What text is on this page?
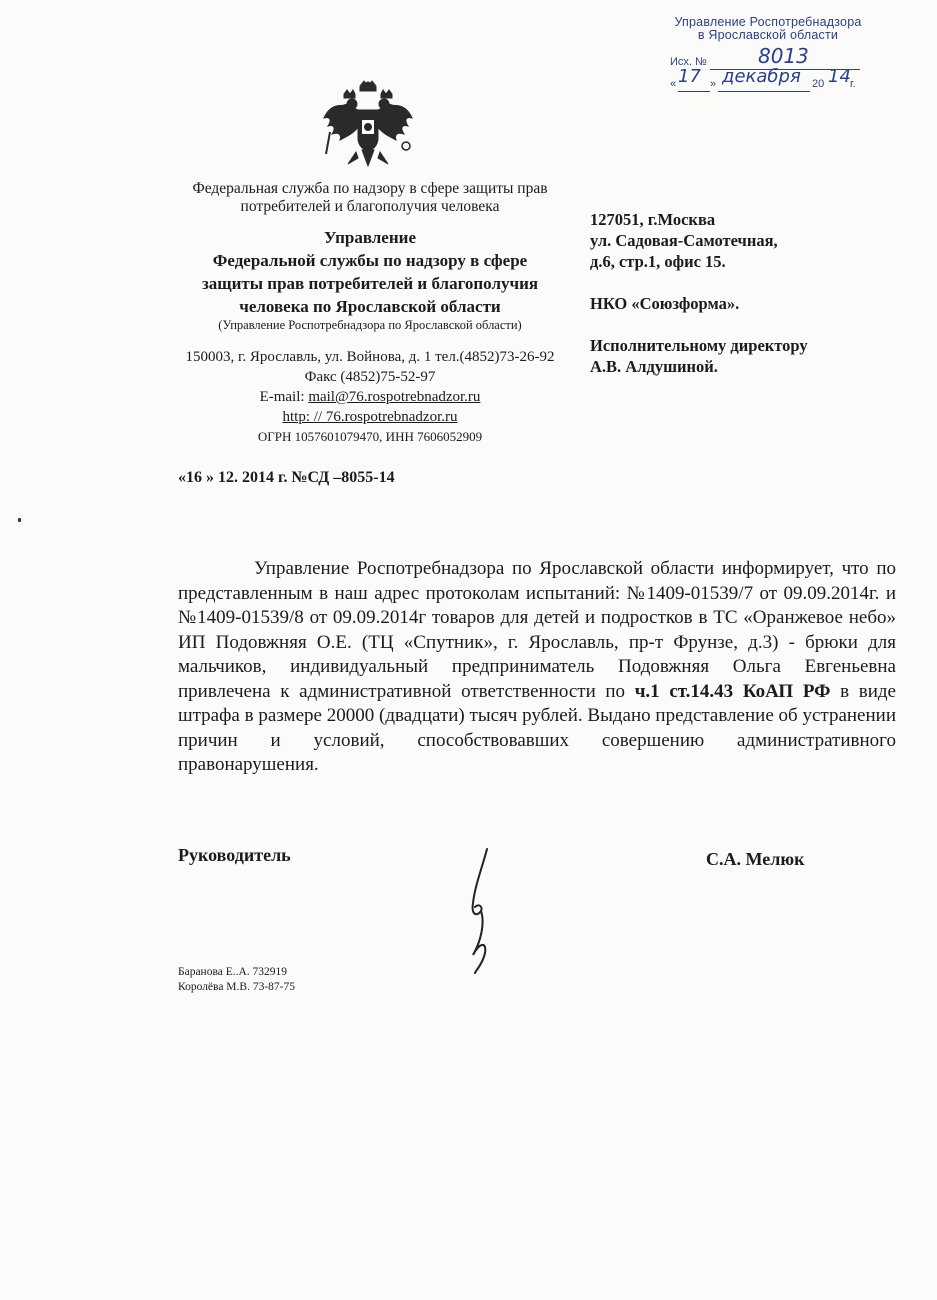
Управление Роспотребнадзора
в Ярославской области
Исх. №	8013
« 17 » декабря 20 14 г.
Федеральная служба по надзору в сфере защиты прав
потребителей и благополучия человека
Управление
Федеральной службы по надзору в сфере
защиты прав потребителей и благополучия
человека по Ярославской области
(Управление Роспотребнадзора по Ярославской области)
150003, г. Ярославль, ул. Войнова, д. 1 тел.(4852)73-26-92
Факс (4852)75-52-97
E-mail: mail@76.rospotrebnadzor.ru
http: // 76.rospotrebnadzor.ru
ОГРН 1057601079470, ИНН 7606052909

127051, г.Москва
ул. Садовая-Самотечная,
д.6, стр.1, офис 15.

НКО «Союзформа».

Исполнительному директору
А.В. Алдушиной.

«16 » 12. 2014 г. №СД –8055-14
Управление Роспотребнадзора по Ярославской области информирует, что по представленным в наш адрес протоколам испытаний: №1409-01539/7 от 09.09.2014г. и №1409-01539/8 от 09.09.2014г товаров для детей и подростков в ТС «Оранжевое небо» ИП Подовжняя О.Е. (ТЦ «Спутник», г. Ярославль, пр-т Фрунзе, д.3) - брюки для мальчиков, индивидуальный предприниматель Подовжняя Ольга Евгеньевна привлечена к административной ответственности по ч.1 ст.14.43 КоАП РФ в виде штрафа в размере 20000 (двадцати) тысяч рублей. Выдано представление об устранении причин и условий, способствовавших совершению административного правонарушения.
Руководитель	С.А. Мелюк
Баранова Е..А. 732919
Королёва М.В. 73-87-75
